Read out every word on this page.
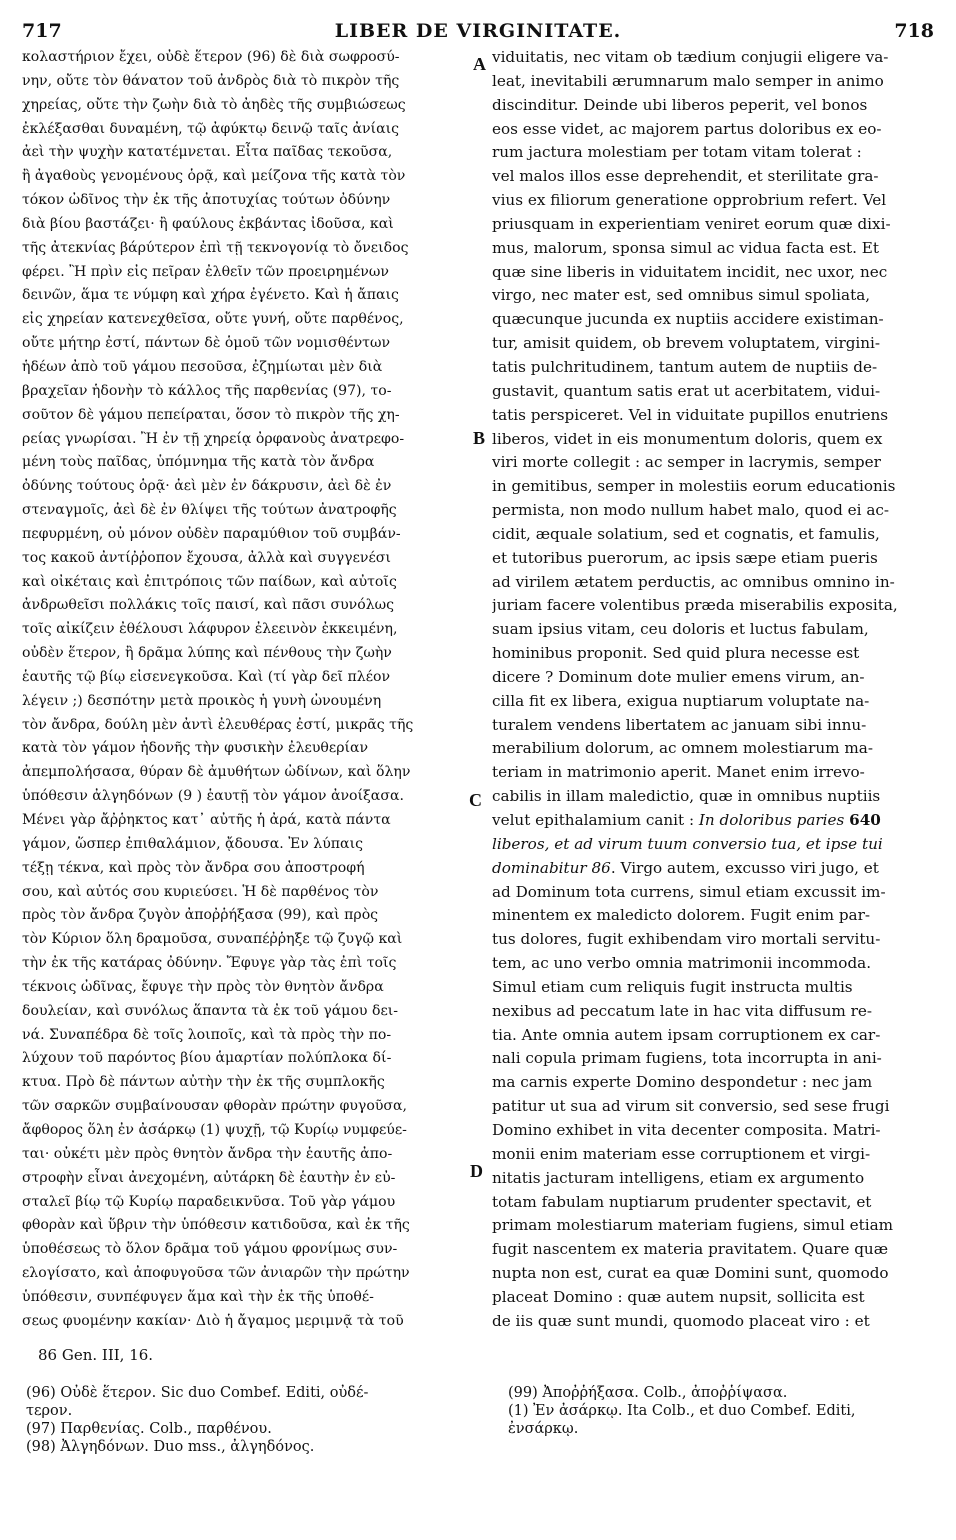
717	LIBER DE VIRGINITATE.	718
κολαστήριον ἔχει, οὐδὲ ἕτερον (96) δὲ διὰ σωφροσύ-
νην, οὔτε τὸν θάνατον τοῦ ἀνδρὸς διὰ τὸ πικρὸν τῆς
χηρείας, οὔτε τὴν ζωὴν διὰ τὸ ἀηδὲς τῆς συμβιώσεως
ἐκλέξασθαι δυναμένη, τῷ ἀφύκτῳ δεινῷ ταῖς ἀνίαις
ἀεὶ τὴν ψυχὴν κατατέμνεται. Εἶτα παῖδας τεκοῦσα,
ἢ ἀγαθοὺς γενομένους ὁρᾷ, καὶ μείζονα τῆς κατὰ τὸν
τόκον ὠδῖνος τὴν ἐκ τῆς ἀποτυχίας τούτων ὀδύνην
διὰ βίου βαστάζει· ἢ φαύλους ἐκβάντας ἰδοῦσα, καὶ
τῆς ἀτεκνίας βάρύτερον ἐπὶ τῇ τεκνογονίᾳ τὸ ὄνειδος
φέρει. Ἢ πρὶν εἰς πεῖραν ἐλθεῖν τῶν προειρημένων
δεινῶν, ἅμα τε νύμφη καὶ χήρα ἐγένετο. Καὶ ἡ ἄπαις
εἰς χηρείαν κατενεχθεῖσα, οὔτε γυνή, οὔτε παρθένος,
οὔτε μήτηρ ἐστί, πάντων δὲ ὁμοῦ τῶν νομισθέντων
ἡδέων ἀπὸ τοῦ γάμου πεσοῦσα, ἐζημίωται μὲν διὰ
βραχεῖαν ἡδονὴν τὸ κάλλος τῆς παρθενίας (97), το-
σοῦτον δὲ γάμου πεπείραται, ὅσον τὸ πικρὸν τῆς χη-
ρείας γνωρίσαι. Ἢ ἐν τῇ χηρείᾳ ὀρφανοὺς ἀνατρεφο-
μένη τοὺς παῖδας, ὑπόμνημα τῆς κατὰ τὸν ἄνδρα
ὀδύνης τούτους ὁρᾷ· ἀεὶ μὲν ἐν δάκρυσιν, ἀεὶ δὲ ἐν
στεναγμοῖς, ἀεὶ δὲ ἐν θλίψει τῆς τούτων ἀνατροφῆς
πεφυρμένη, οὐ μόνον οὐδὲν παραμύθιον τοῦ συμβάν-
τος κακοῦ ἀντίῤῥοπον ἔχουσα, ἀλλὰ καὶ συγγενέσι
καὶ οἰκέταις καὶ ἐπιτρόποις τῶν παίδων, καὶ αὐτοῖς
ἀνδρωθεῖσι πολλάκις τοῖς παισί, καὶ πᾶσι συνόλως
τοῖς αἰκίζειν ἐθέλουσι λάφυρον ἐλεεινὸν ἐκκειμένη,
οὐδὲν ἕτερον, ἢ δρᾶμα λύπης καὶ πένθους τὴν ζωὴν
ἑαυτῆς τῷ βίῳ εἰσενεγκοῦσα. Καὶ (τί γὰρ δεῖ πλέον
λέγειν ;) δεσπότην μετὰ προικὸς ἡ γυνὴ ὠνουμένη
τὸν ἄνδρα, δούλη μὲν ἀντὶ ἐλευθέρας ἐστί, μικρᾶς τῆς
κατὰ τὸν γάμον ἡδονῆς τὴν φυσικὴν ἐλευθερίαν
ἀπεμπολήσασα, θύραν δὲ ἀμυθήτων ὠδίνων, καὶ ὅλην
ὑπόθεσιν ἀλγηδόνων (9 ) ἑαυτῇ τὸν γάμον ἀνοίξασα.
Μένει γὰρ ἄῤῥηκτος κατ᾽ αὐτῆς ἡ ἀρά, κατὰ πάντα
γάμον, ὥσπερ ἐπιθαλάμιον, ᾄδουσα. Ἐν λύπαις
τέξῃ τέκνα, καὶ πρὸς τὸν ἄνδρα σου ἀποστροφή
σου, καὶ αὐτός σου κυριεύσει. Ἡ δὲ παρθένος τὸν
πρὸς τὸν ἄνδρα ζυγὸν ἀποῤῥήξασα (99), καὶ πρὸς
τὸν Κύριον ὅλη δραμοῦσα, συναπέῤῥηξε τῷ ζυγῷ καὶ
τὴν ἐκ τῆς κατάρας ὀδύνην. Ἔφυγε γὰρ τὰς ἐπὶ τοῖς
τέκνοις ὠδῖνας, ἔφυγε τὴν πρὸς τὸν θνητὸν ἄνδρα
δουλείαν, καὶ συνόλως ἅπαντα τὰ ἐκ τοῦ γάμου δει-
νά. Συναπέδρα δὲ τοῖς λοιποῖς, καὶ τὰ πρὸς τὴν πο-
λύχουν τοῦ παρόντος βίου ἁμαρτίαν πολύπλοκα δί-
κτυα. Πρὸ δὲ πάντων αὐτὴν τὴν ἐκ τῆς συμπλοκῆς
τῶν σαρκῶν συμβαίνουσαν φθορὰν πρώτην φυγοῦσα,
ἄφθορος ὅλη ἐν ἀσάρκῳ (1) ψυχῇ, τῷ Κυρίῳ νυμφεύε-
ται· οὐκέτι μὲν πρὸς θνητὸν ἄνδρα τὴν ἑαυτῆς ἀπο-
στροφὴν εἶναι ἀνεχομένη, αὐτάρκη δὲ ἑαυτὴν ἐν εὐ-
σταλεῖ βίῳ τῷ Κυρίῳ παραδεικνῦσα. Τοῦ γὰρ γάμου
φθορὰν καὶ ὕβριν τὴν ὑπόθεσιν κατιδοῦσα, καὶ ἐκ τῆς
ὑποθέσεως τὸ ὅλον δρᾶμα τοῦ γάμου φρονίμως συν-
ελογίσατο, καὶ ἀποφυγοῦσα τῶν ἀνιαρῶν τὴν πρώτην
ὑπόθεσιν, συνπέφυγεν ἅμα καὶ τὴν ἐκ τῆς ὑποθέ-
σεως φυομένην κακίαν· Διὸ ἡ ἄγαμος μεριμνᾷ τὰ τοῦ
viduitatis, nec vitam ob tædium conjugii eligere va-
leat, inevitabili ærumnarum malo semper in animo
discinditur. Deinde ubi liberos peperit, vel bonos
eos esse videt, ac majorem partus doloribus ex eo-
rum jactura molestiam per totam vitam tolerat :
vel malos illos esse deprehendit, et sterilitate gra-
vius ex filiorum generatione opprobrium refert. Vel
priusquam in experientiam veniret eorum quæ dixi-
mus, malorum, sponsa simul ac vidua facta est. Et
quæ sine liberis in viduitatem incidit, nec uxor, nec
virgo, nec mater est, sed omnibus simul spoliata,
quæcunque jucunda ex nuptiis accidere existiman-
tur, amisit quidem, ob brevem voluptatem, virgini-
tatis pulchritudinem, tantum autem de nuptiis de-
gustavit, quantum satis erat ut acerbitatem, vidui-
tatis perspiceret. Vel in viduitate pupillos enutriens
liberos, videt in eis monumentum doloris, quem ex
viri morte collegit : ac semper in lacrymis, semper
in gemitibus, semper in molestiis eorum educationis
permista, non modo nullum habet malo, quod ei ac-
cidit, æquale solatium, sed et cognatis, et famulis,
et tutoribus puerorum, ac ipsis sæpe etiam pueris
ad virilem ætatem perductis, ac omnibus omnino in-
juriam facere volentibus præda miserabilis exposita,
suam ipsius vitam, ceu doloris et luctus fabulam,
hominibus proponit. Sed quid plura necesse est
dicere ? Dominum dote mulier emens virum, an-
cilla fit ex libera, exigua nuptiarum voluptate na-
turalem vendens libertatem ac januam sibi innu-
merabilium dolorum, ac omnem molestiarum ma-
teriam in matrimonio aperit. Manet enim irrevo-
cabilis in illam maledictio, quæ in omnibus nuptiis
velut epithalamium canit : In doloribus paries 640
liberos, et ad virum tuum conversio tua, et ipse tui
dominabitur 86. Virgo autem, excusso viri jugo, et
ad Dominum tota currens, simul etiam excussit im-
minentem ex maledicto dolorem. Fugit enim par-
tus dolores, fugit exhibendam viro mortali servitu-
tem, ac uno verbo omnia matrimonii incommoda.
Simul etiam cum reliquis fugit instructa multis
nexibus ad peccatum late in hac vita diffusum re-
tia. Ante omnia autem ipsam corruptionem ex car-
nali copula primam fugiens, tota incorrupta in ani-
ma carnis experte Domino despondetur : nec jam
patitur ut sua ad virum sit conversio, sed sese frugi
Domino exhibet in vita decenter composita. Matri-
monii enim materiam esse corruptionem et virgi-
nitatis jacturam intelligens, etiam ex argumento
totam fabulam nuptiarum prudenter spectavit, et
primam molestiarum materiam fugiens, simul etiam
fugit nascentem ex materia pravitatem. Quare quæ
nupta non est, curat ea quæ Domini sunt, quomodo
placeat Domino : quæ autem nupsit, sollicita est
de iis quæ sunt mundi, quomodo placeat viro : et
A
B
C
D
86 Gen. III, 16.
(96) Οὐδὲ ἕτερον. Sic duo Combef. Editi, οὐδέ-
τερον.
(97) Παρθενίας. Colb., παρθένου.
(98) Ἀλγηδόνων. Duo mss., ἀλγηδόνος.
(99) Ἀποῤῥήξασα. Colb., ἀποῤῥίψασα.
(1) Ἐν ἀσάρκῳ. Ita Colb., et duo Combef. Editi,
ἐνσάρκῳ.
